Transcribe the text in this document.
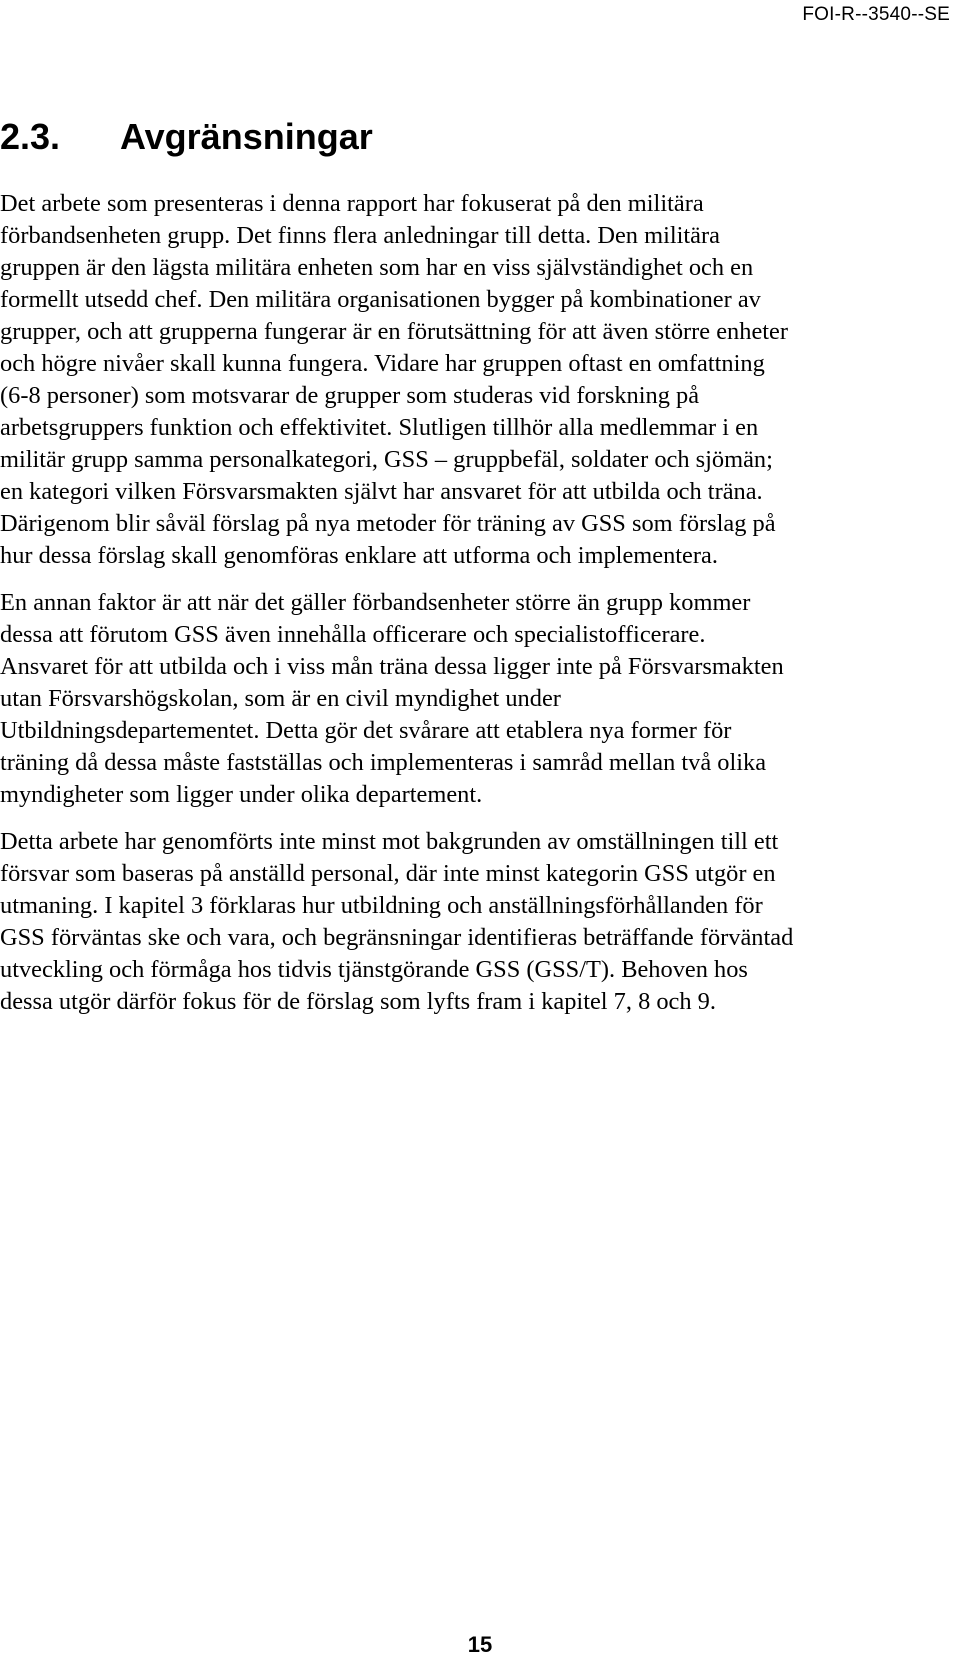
FOI-R--3540--SE
2.3. Avgränsningar

Det arbete som presenteras i denna rapport har fokuserat på den militära
förbandsenheten grupp. Det finns flera anledningar till detta. Den militära
gruppen är den lägsta militära enheten som har en viss självständighet och en
formellt utsedd chef. Den militära organisationen bygger på kombinationer av
grupper, och att grupperna fungerar är en förutsättning för att även större enheter
och högre nivåer skall kunna fungera. Vidare har gruppen oftast en omfattning
(6-8 personer) som motsvarar de grupper som studeras vid forskning på
arbetsgruppers funktion och effektivitet. Slutligen tillhör alla medlemmar i en
militär grupp samma personalkategori, GSS – gruppbefäl, soldater och sjömän;
en kategori vilken Försvarsmakten självt har ansvaret för att utbilda och träna.
Därigenom blir såväl förslag på nya metoder för träning av GSS som förslag på
hur dessa förslag skall genomföras enklare att utforma och implementera.

En annan faktor är att när det gäller förbandsenheter större än grupp kommer
dessa att förutom GSS även innehålla officerare och specialistofficerare.
Ansvaret för att utbilda och i viss mån träna dessa ligger inte på Försvarsmakten
utan Försvarshögskolan, som är en civil myndighet under
Utbildningsdepartementet. Detta gör det svårare att etablera nya former för
träning då dessa måste fastställas och implementeras i samråd mellan två olika
myndigheter som ligger under olika departement.

Detta arbete har genomförts inte minst mot bakgrunden av omställningen till ett
försvar som baseras på anställd personal, där inte minst kategorin GSS utgör en
utmaning. I kapitel 3 förklaras hur utbildning och anställningsförhållanden för
GSS förväntas ske och vara, och begränsningar identifieras beträffande förväntad
utveckling och förmåga hos tidvis tjänstgörande GSS (GSS/T). Behoven hos
dessa utgör därför fokus för de förslag som lyfts fram i kapitel 7, 8 och 9.

15
